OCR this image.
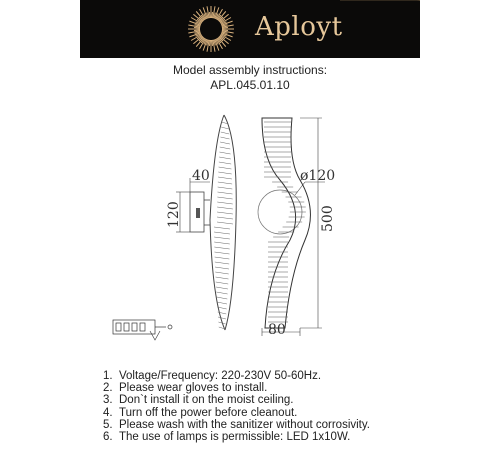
Aployt
Model assembly instructions:
APL.045.01.10
40
120
ø120
500
80
1. Voltage/Frequency: 220-230V 50-60Hz.
2. Please wear gloves to install.
3. Don`t install it on the moist ceiling.
4. Turn off the power before cleanout.
5. Please wash with the sanitizer without corrosivity.
6. The use of lamps is permissible: LED 1x10W.
